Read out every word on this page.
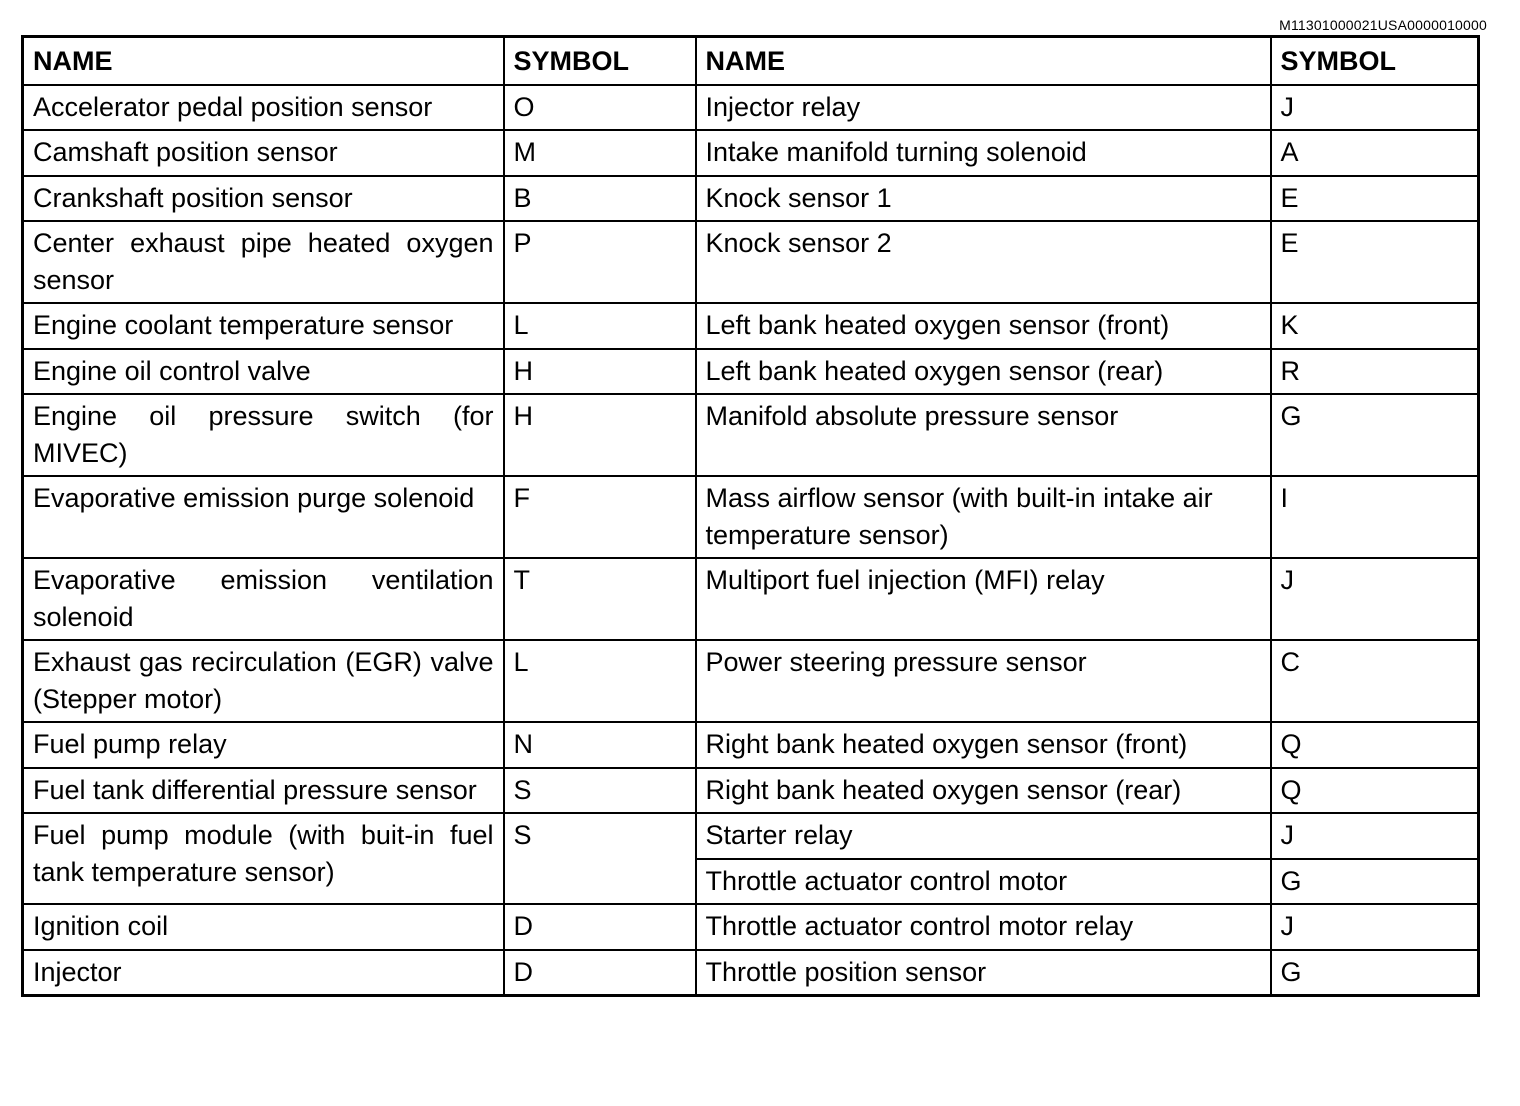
M11301000021USA0000010000
NAME	SYMBOL	NAME	SYMBOL
Accelerator pedal position sensor	O	Injector relay	J
Camshaft position sensor	M	Intake manifold turning solenoid	A
Crankshaft position sensor	B	Knock sensor 1	E
Center exhaust pipe heated oxygen sensor	P	Knock sensor 2	E
Engine coolant temperature sensor	L	Left bank heated oxygen sensor (front)	K
Engine oil control valve	H	Left bank heated oxygen sensor (rear)	R
Engine oil pressure switch (for MIVEC)	H	Manifold absolute pressure sensor	G
Evaporative emission purge solenoid	F	Mass airflow sensor (with built-in intake air temperature sensor)	I
Evaporative emission ventilation solenoid	T	Multiport fuel injection (MFI) relay	J
Exhaust gas recirculation (EGR) valve (Stepper motor)	L	Power steering pressure sensor	C
Fuel pump relay	N	Right bank heated oxygen sensor (front)	Q
Fuel tank differential pressure sensor	S	Right bank heated oxygen sensor (rear)	Q
Fuel pump module (with buit-in fuel tank temperature sensor)	S	Starter relay	J
		Throttle actuator control motor	G
Ignition coil	D	Throttle actuator control motor relay	J
Injector	D	Throttle position sensor	G
